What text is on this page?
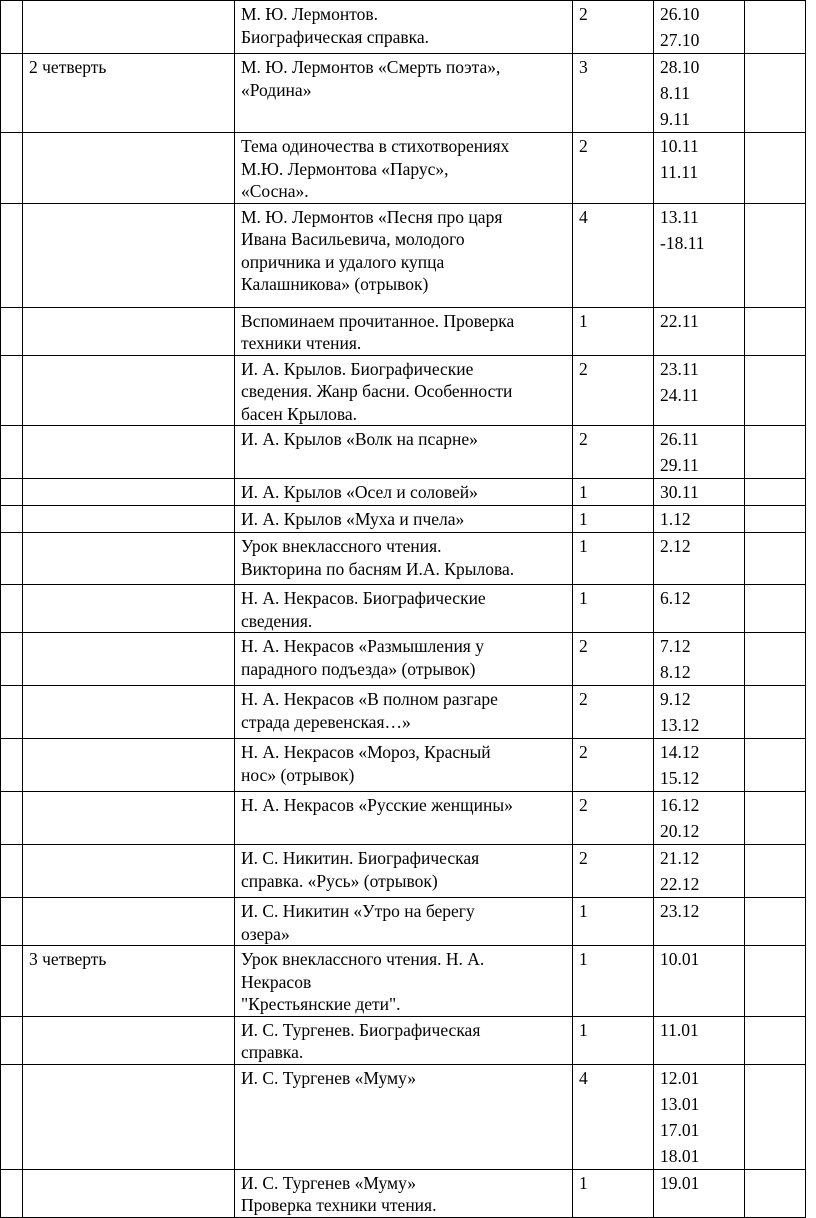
		М. Ю. Лермонтов.
Биографическая справка.	2	26.10
27.10	

	2 четверть	М. Ю. Лермонтов «Смерть поэта»,
«Родина»	3	28.10
8.11
9.11	

		Тема одиночества в стихотворениях
М.Ю. Лермонтова «Парус»,
«Сосна».	2	10.11
11.11	

		М. Ю. Лермонтов «Песня про царя
Ивана Васильевича, молодого
опричника и удалого купца
Калашникова» (отрывок)	4	13.11
-18.11	

		Вспоминаем прочитанное. Проверка
техники чтения.	1	22.11	

		И. А. Крылов. Биографические
сведения. Жанр басни. Особенности
басен Крылова.	2	23.11
24.11	

		И. А. Крылов «Волк на псарне»	2	26.11
29.11	

		И. А. Крылов «Осел и соловей»	1	30.11	

		И. А. Крылов «Муха и пчела»	1	1.12	

		Урок внеклассного чтения.
Викторина по басням И.А. Крылова.	1	2.12	

		Н. А. Некрасов. Биографические
сведения.	1	6.12	

		Н. А. Некрасов «Размышления у
парадного подъезда» (отрывок)	2	7.12
8.12	

		Н. А. Некрасов «В полном разгаре
страда деревенская…»	2	9.12
13.12	

		Н. А. Некрасов «Мороз, Красный
нос» (отрывок)	2	14.12
15.12	

		Н. А. Некрасов «Русские женщины»	2	16.12
20.12	

		И. С. Никитин. Биографическая
справка. «Русь» (отрывок)	2	21.12
22.12	

		И. С. Никитин «Утро на берегу
озера»	1	23.12	

	3 четверть	Урок внеклассного чтения. Н. А.
Некрасов
"Крестьянские дети".	1	10.01	

		И. С. Тургенев. Биографическая
справка.	1	11.01	

		И. С. Тургенев «Муму»	4	12.01
13.01
17.01
18.01	

		И. С. Тургенев «Муму»
Проверка техники чтения.	1	19.01	
